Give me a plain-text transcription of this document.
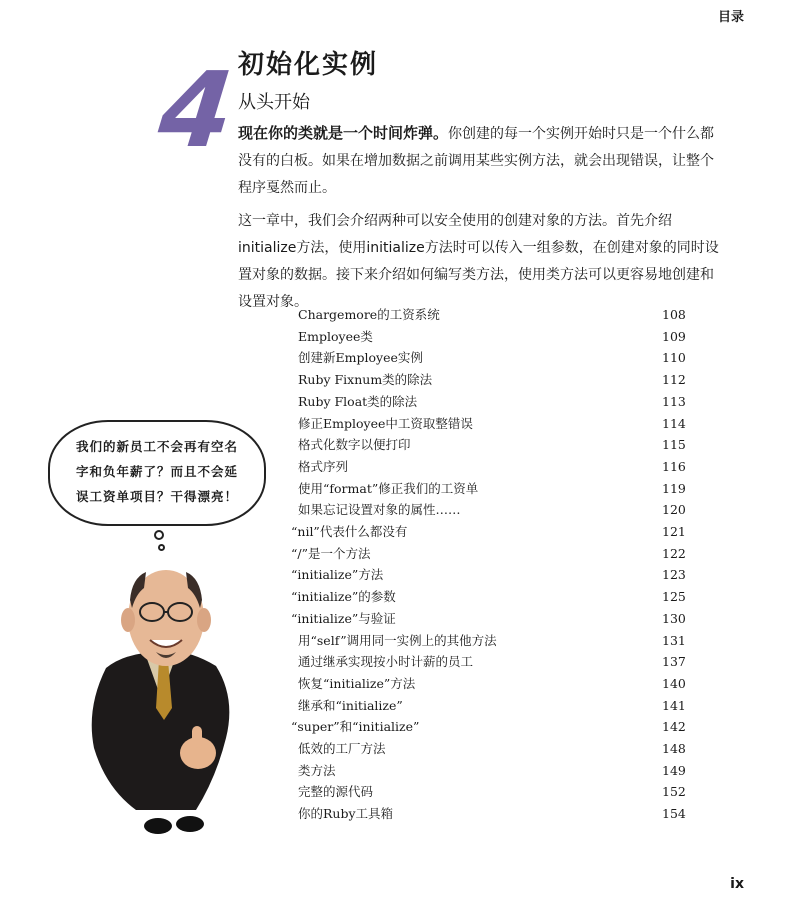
目录
4 初始化实例
从头开始

现在你的类就是一个时间炸弹。你创建的每一个实例开始时只是一个什么都没有的白板。如果在增加数据之前调用某些实例方法，就会出现错误，让整个程序戛然而止。

这一章中，我们会介绍两种可以安全使用的创建对象的方法。首先介绍initialize方法，使用initialize方法时可以传入一组参数，在创建对象的同时设置对象的数据。接下来介绍如何编写类方法，使用类方法可以更容易地创建和设置对象。

Chargemore的工资系统	108
Employee类	109
创建新Employee实例	110
Ruby Fixnum类的除法	112
Ruby Float类的除法	113
修正Employee中工资取整错误	114
格式化数字以便打印	115
格式序列	116
使用“format”修正我们的工资单	119
如果忘记设置对象的属性……	120
“nil”代表什么都没有	121
“/”是一个方法	122
“initialize”方法	123
“initialize”的参数	125
“initialize”与验证	130
用“self”调用同一实例上的其他方法	131
通过继承实现按小时计薪的员工	137
恢复“initialize”方法	140
继承和“initialize”	141
“super”和“initialize”	142
低效的工厂方法	148
类方法	149
完整的源代码	152
你的Ruby工具箱	154
我们的新员工不会再有空名字和负年薪了？而且不会延误工资单项目？干得漂亮！
ix
